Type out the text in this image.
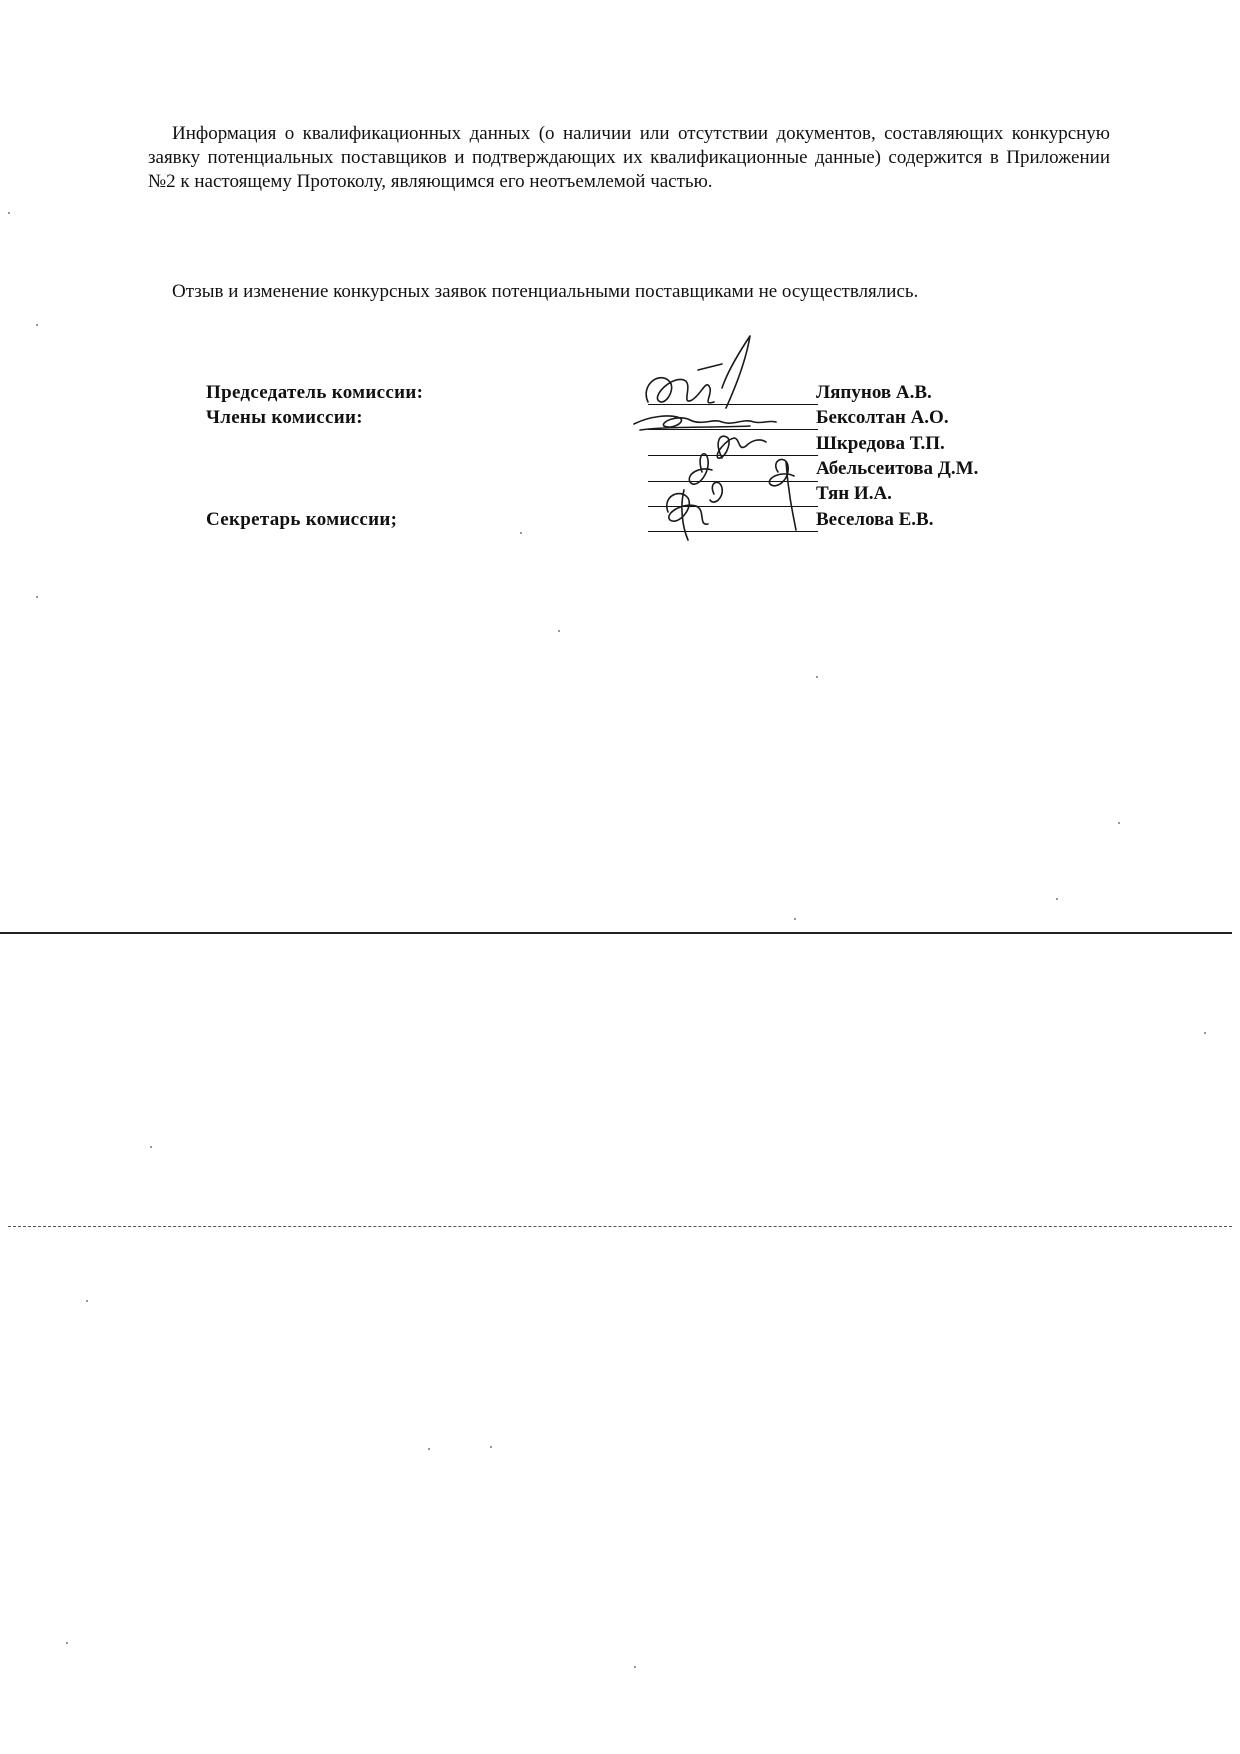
Информация о квалификационных данных (о наличии или отсутствии документов, составляющих конкурсную заявку потенциальных поставщиков и подтверждающих их квалификационные данные) содержится в Приложении №2 к настоящему Протоколу, являющимся его неотъемлемой частью.

Отзыв и изменение конкурсных заявок потенциальными поставщиками не осуществлялись.

Председатель комиссии:
Члены комиссии:
Секретарь комиссии;
Ляпунов А.В.
Бексолтан А.О.
Шкредова Т.П.
Абельсеитова Д.М.
Тян И.А.
Веселова Е.В.
